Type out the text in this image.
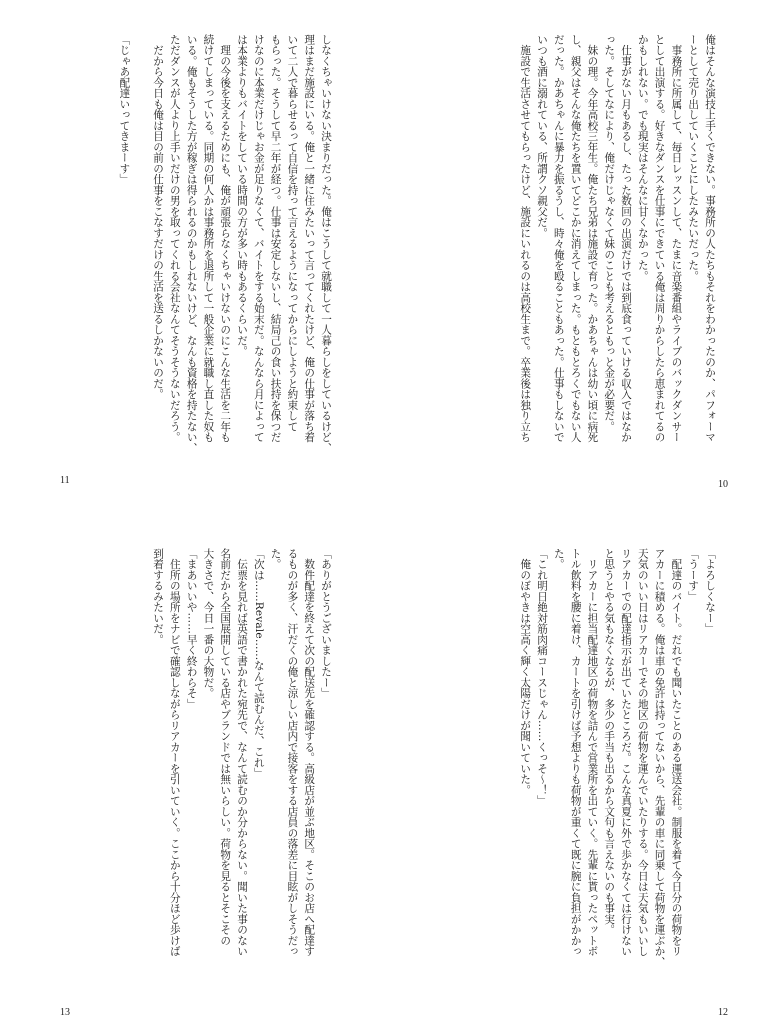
俺はそんな演技上手くできない。事務所の人たちもそれをわかったのか、パフォーマ
ーとして売り出していくことにしたみたいだった。
　事務所に所属して、毎日レッスンして、たまに音楽番組やライブのバックダンサー
として出演する。好きなダンスを仕事にできている俺は周りからしたら恵まれてるの
かもしれない。でも現実はそんなに甘くなかった。
　仕事がない月もあるし、たった数回の出演だけでは到底食っていける収入ではなか
った。そしてなにより、俺だけじゃなくて妹のことも考えるともっと金が必要だ。
　妹の理。今年高校三年生。俺たち兄弟は施設で育った。かあちゃんは幼い頃に病死
し、親父はそんな俺たちを置いてどこかに消えてしまった。もともとろくでもない人
だった。かあちゃんに暴力を振るうし、時々俺を殴ることもあった。仕事もしないで
いつも酒に溺れている、所謂クソ親父だ。
　施設で生活させてもらったけど、施設にいれるのは高校生まで。卒業後は独り立ち
10
しなくちゃいけない決まりだった。俺はこうして就職して一人暮らしをしているけど、
理はまだ施設にいる。俺と一緒に住みたいって言ってくれたけど、俺の仕事が落ち着
いて二人で暮らせるって自信を持って言えるようになってからにしようと約束して
もらった。そうして早二年が経つ。仕事は安定しないし、結局己の食い扶持を保つだ
けなのに本業だけじゃお金が足りなくて、バイトをする始末だ。なんなら月によって
は本業よりもバイトをしている時間の方が多い時もあるくらいだ。
　理の今後を支えるためにも、俺が頑張らなくちゃいけないのにこんな生活を二年も
続けてしまっている。同期の何人かは事務所を退所して一般企業に就職し直した奴も
いる。俺もそうした方が稼ぎは得られるのかもしれないけど、なんも資格を持たない、
ただダンスが人より上手いだけの男を取ってくれる会社なんてそうそうないだろう。
　だから今日も俺は目の前の仕事をこなすだけの生活を送るしかないのだ。

「じゃあ配達いってきまーす」
11
「よろしくなー」
「うーす」
　配達のバイト。だれでも聞いたことのある運送会社。制服を着て今日分の荷物をリ
アカーに積める。俺は車の免許は持ってないから、先輩の車に同乗して荷物を運ぶか、
天気のいい日はリアカーでその地区の荷物を運んでいたりする。今日は天気もいいし
リアカーでの配達指示が出ていたところだ。こんな真夏に外で歩かなくては行けない
と思うとやる気もなくなるが、多少の手当も出るから文句も言えないのも事実。
　リアカーに担当配達地区の荷物を詰んで営業所を出ていく。先輩に貰ったペットボ
トル飲料を腰に着け、カートを引けば予想よりも荷物が重くて既に腕に負担がかかっ
た。
「これ明日絶対筋肉痛コースじゃん……くっそ～！」
　俺のぼやきは空高く輝く太陽だけが聞いていた。
12
「ありがとうございましたー」
　数件配達を終えて次の配送先を確認する。高級店が並ぶ地区。そこのお店へ配達す
るものが多く、汗だくの俺と涼しい店内で接客をする店員の落差に目眩がしそうだっ
た。
「次は……Revale……なんて読むんだ、これ」
　伝票を見れば英語で書かれた宛先で、なんて読むのか分からない。聞いた事のない
名前だから全国展開している店やブランドでは無いらしい。荷物を見るとそこその
大きさで、今日一番の大物だ。
「まあいいや……早く終わらそ」
　住所の場所をナビで確認しながらリアカーを引いていく。ここから十分ほど歩けば
到着するみたいだ。
13
